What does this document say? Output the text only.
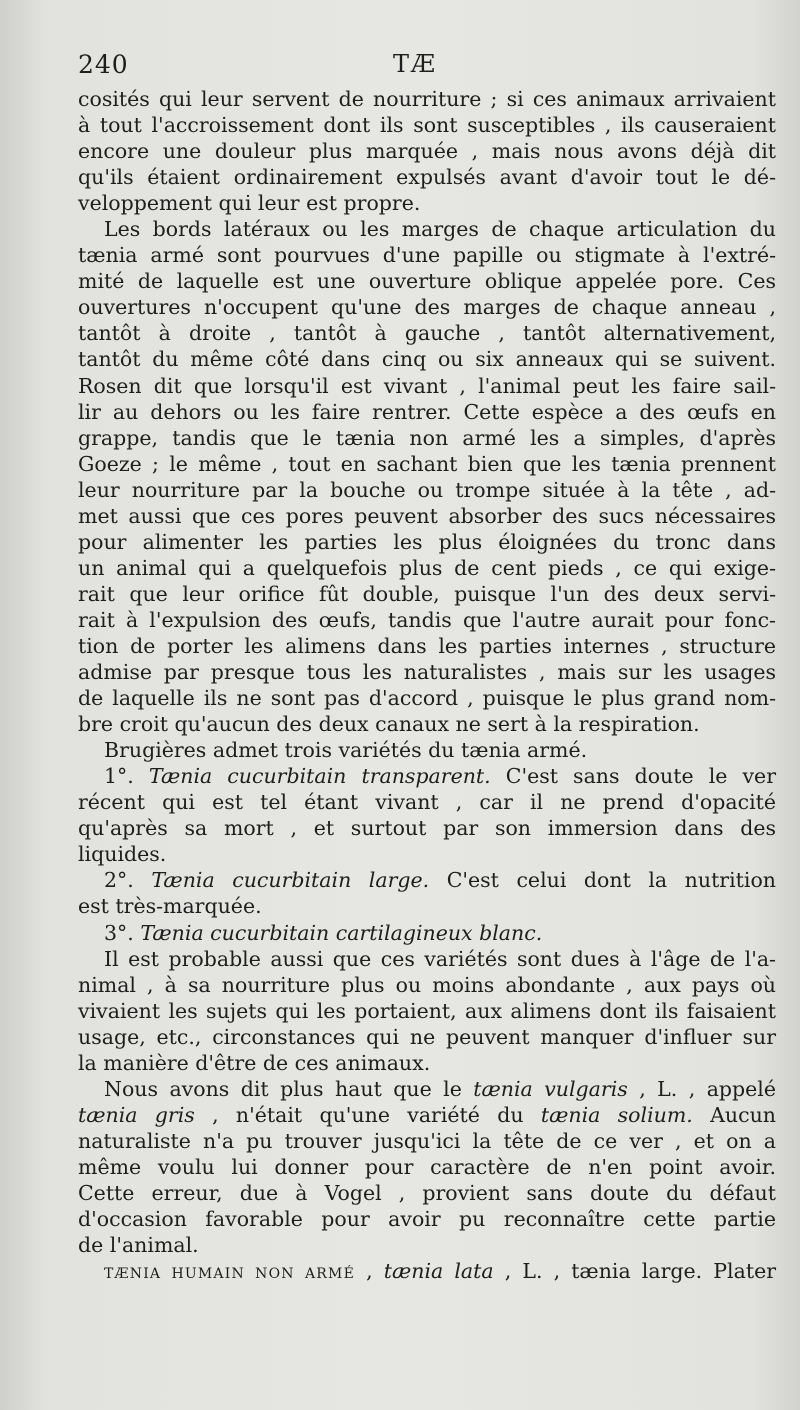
240	TÆ
cosités qui leur servent de nourriture ; si ces animaux arrivaient
à tout l'accroissement dont ils sont susceptibles , ils causeraient
encore une douleur plus marquée , mais nous avons déjà dit
qu'ils étaient ordinairement expulsés avant d'avoir tout le dé-
veloppement qui leur est propre.
Les bords latéraux ou les marges de chaque articulation du
tænia armé sont pourvues d'une papille ou stigmate à l'extré-
mité de laquelle est une ouverture oblique appelée pore. Ces
ouvertures n'occupent qu'une des marges de chaque anneau ,
tantôt à droite , tantôt à gauche , tantôt alternativement,
tantôt du même côté dans cinq ou six anneaux qui se suivent.
Rosen dit que lorsqu'il est vivant , l'animal peut les faire sail-
lir au dehors ou les faire rentrer. Cette espèce a des œufs en
grappe, tandis que le tænia non armé les a simples, d'après
Goeze ; le même , tout en sachant bien que les tænia prennent
leur nourriture par la bouche ou trompe située à la tête , ad-
met aussi que ces pores peuvent absorber des sucs nécessaires
pour alimenter les parties les plus éloignées du tronc dans
un animal qui a quelquefois plus de cent pieds , ce qui exige-
rait que leur orifice fût double, puisque l'un des deux servi-
rait à l'expulsion des œufs, tandis que l'autre aurait pour fonc-
tion de porter les alimens dans les parties internes , structure
admise par presque tous les naturalistes , mais sur les usages
de laquelle ils ne sont pas d'accord , puisque le plus grand nom-
bre croit qu'aucun des deux canaux ne sert à la respiration.
Brugières admet trois variétés du tænia armé.
1°. Tænia cucurbitain transparent. C'est sans doute le ver
récent qui est tel étant vivant , car il ne prend d'opacité
qu'après sa mort , et surtout par son immersion dans des
liquides.
2°. Tænia cucurbitain large. C'est celui dont la nutrition
est très-marquée.
3°. Tænia cucurbitain cartilagineux blanc.
Il est probable aussi que ces variétés sont dues à l'âge de l'a-
nimal , à sa nourriture plus ou moins abondante , aux pays où
vivaient les sujets qui les portaient, aux alimens dont ils faisaient
usage, etc., circonstances qui ne peuvent manquer d'influer sur
la manière d'être de ces animaux.
Nous avons dit plus haut que le tænia vulgaris , L. , appelé
tænia gris , n'était qu'une variété du tænia solium. Aucun
naturaliste n'a pu trouver jusqu'ici la tête de ce ver , et on a
même voulu lui donner pour caractère de n'en point avoir.
Cette erreur, due à Vogel , provient sans doute du défaut
d'occasion favorable pour avoir pu reconnaître cette partie
de l'animal.
TÆNIA HUMAIN NON ARMÉ , tænia lata , L. , tænia large. Plater
